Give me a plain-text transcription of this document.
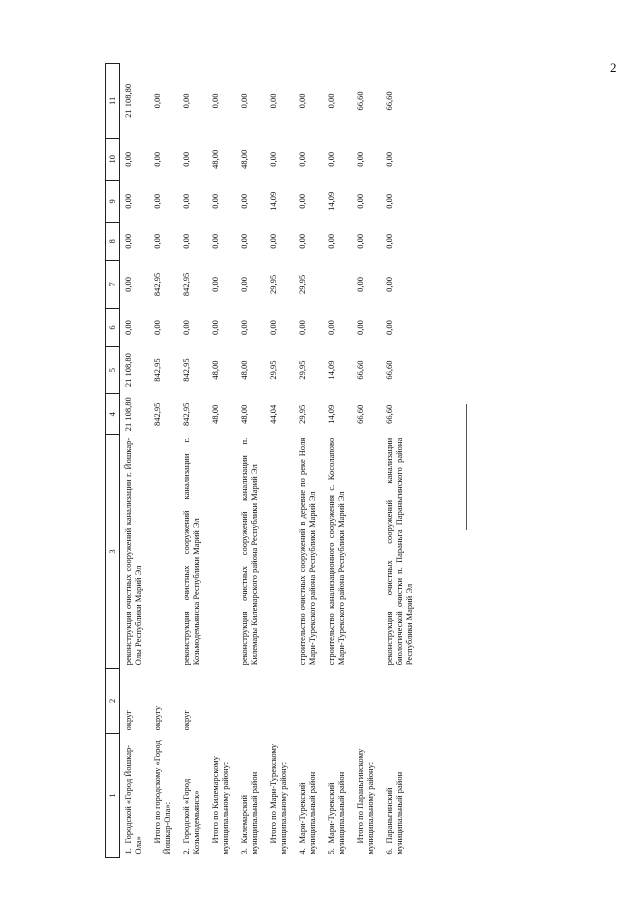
2
1	2	3	4	5	6	7	8	9	10	11
1.Городской «Город Йошкар-Ола»	округ	реконструкция очистных сооружений канализации г. Йошкар-Олы Республики Марий Эл	21 108,80	21 108,80	0,00	0,00	0,00	0,00	0,00	21 108,80
Итого по городскому «Город Йошкар-Ола»:	округу		842,95	842,95	0,00	842,95	0,00	0,00	0,00	0,00
2.Городской «Город Козьмодемьянск»	округ	реконструкция очистных сооружений канализации г. Козьмодемьянска Республики Марий Эл	842,95	842,95	0,00	842,95	0,00	0,00	0,00	0,00
Итого по Килемарскому муниципальному району:			48,00	48,00	0,00	0,00	0,00	0,00	48,00	0,00
3.Килемарский муниципальный район		реконструкция очистных сооружений канализации п. Килемары Килемарского района Республики Марий Эл	48,00	48,00	0,00	0,00	0,00	0,00	48,00	0,00
Итого по Мари-Турекскому муниципальному району:			44,04	29,95	0,00	29,95	0,00	14,09	0,00	0,00
4.Мари-Турекский муниципальный район		строительство очистных сооружений в деревне по реке Ноля Мари-Турекского района Республики Марий Эл	29,95	29,95	0,00	29,95	0,00	0,00	0,00	0,00
5.Мари-Турекский муниципальный район		строительство канализационного сооружения с. Косолапово Мари-Турекского района Республики Марий Эл	14,09	14,09	0,00		0,00	14,09	0,00	0,00
Итого по Параньгинскому муниципальному району:			66,60	66,60	0,00	0,00	0,00	0,00	0,00	66,60
6.Параньгинский муниципальный район		реконструкция очистных сооружений канализации биологической очистки п. Параньга Параньгинского района Республики Марий Эл	66,60	66,60	0,00	0,00	0,00	0,00	0,00	66,60
